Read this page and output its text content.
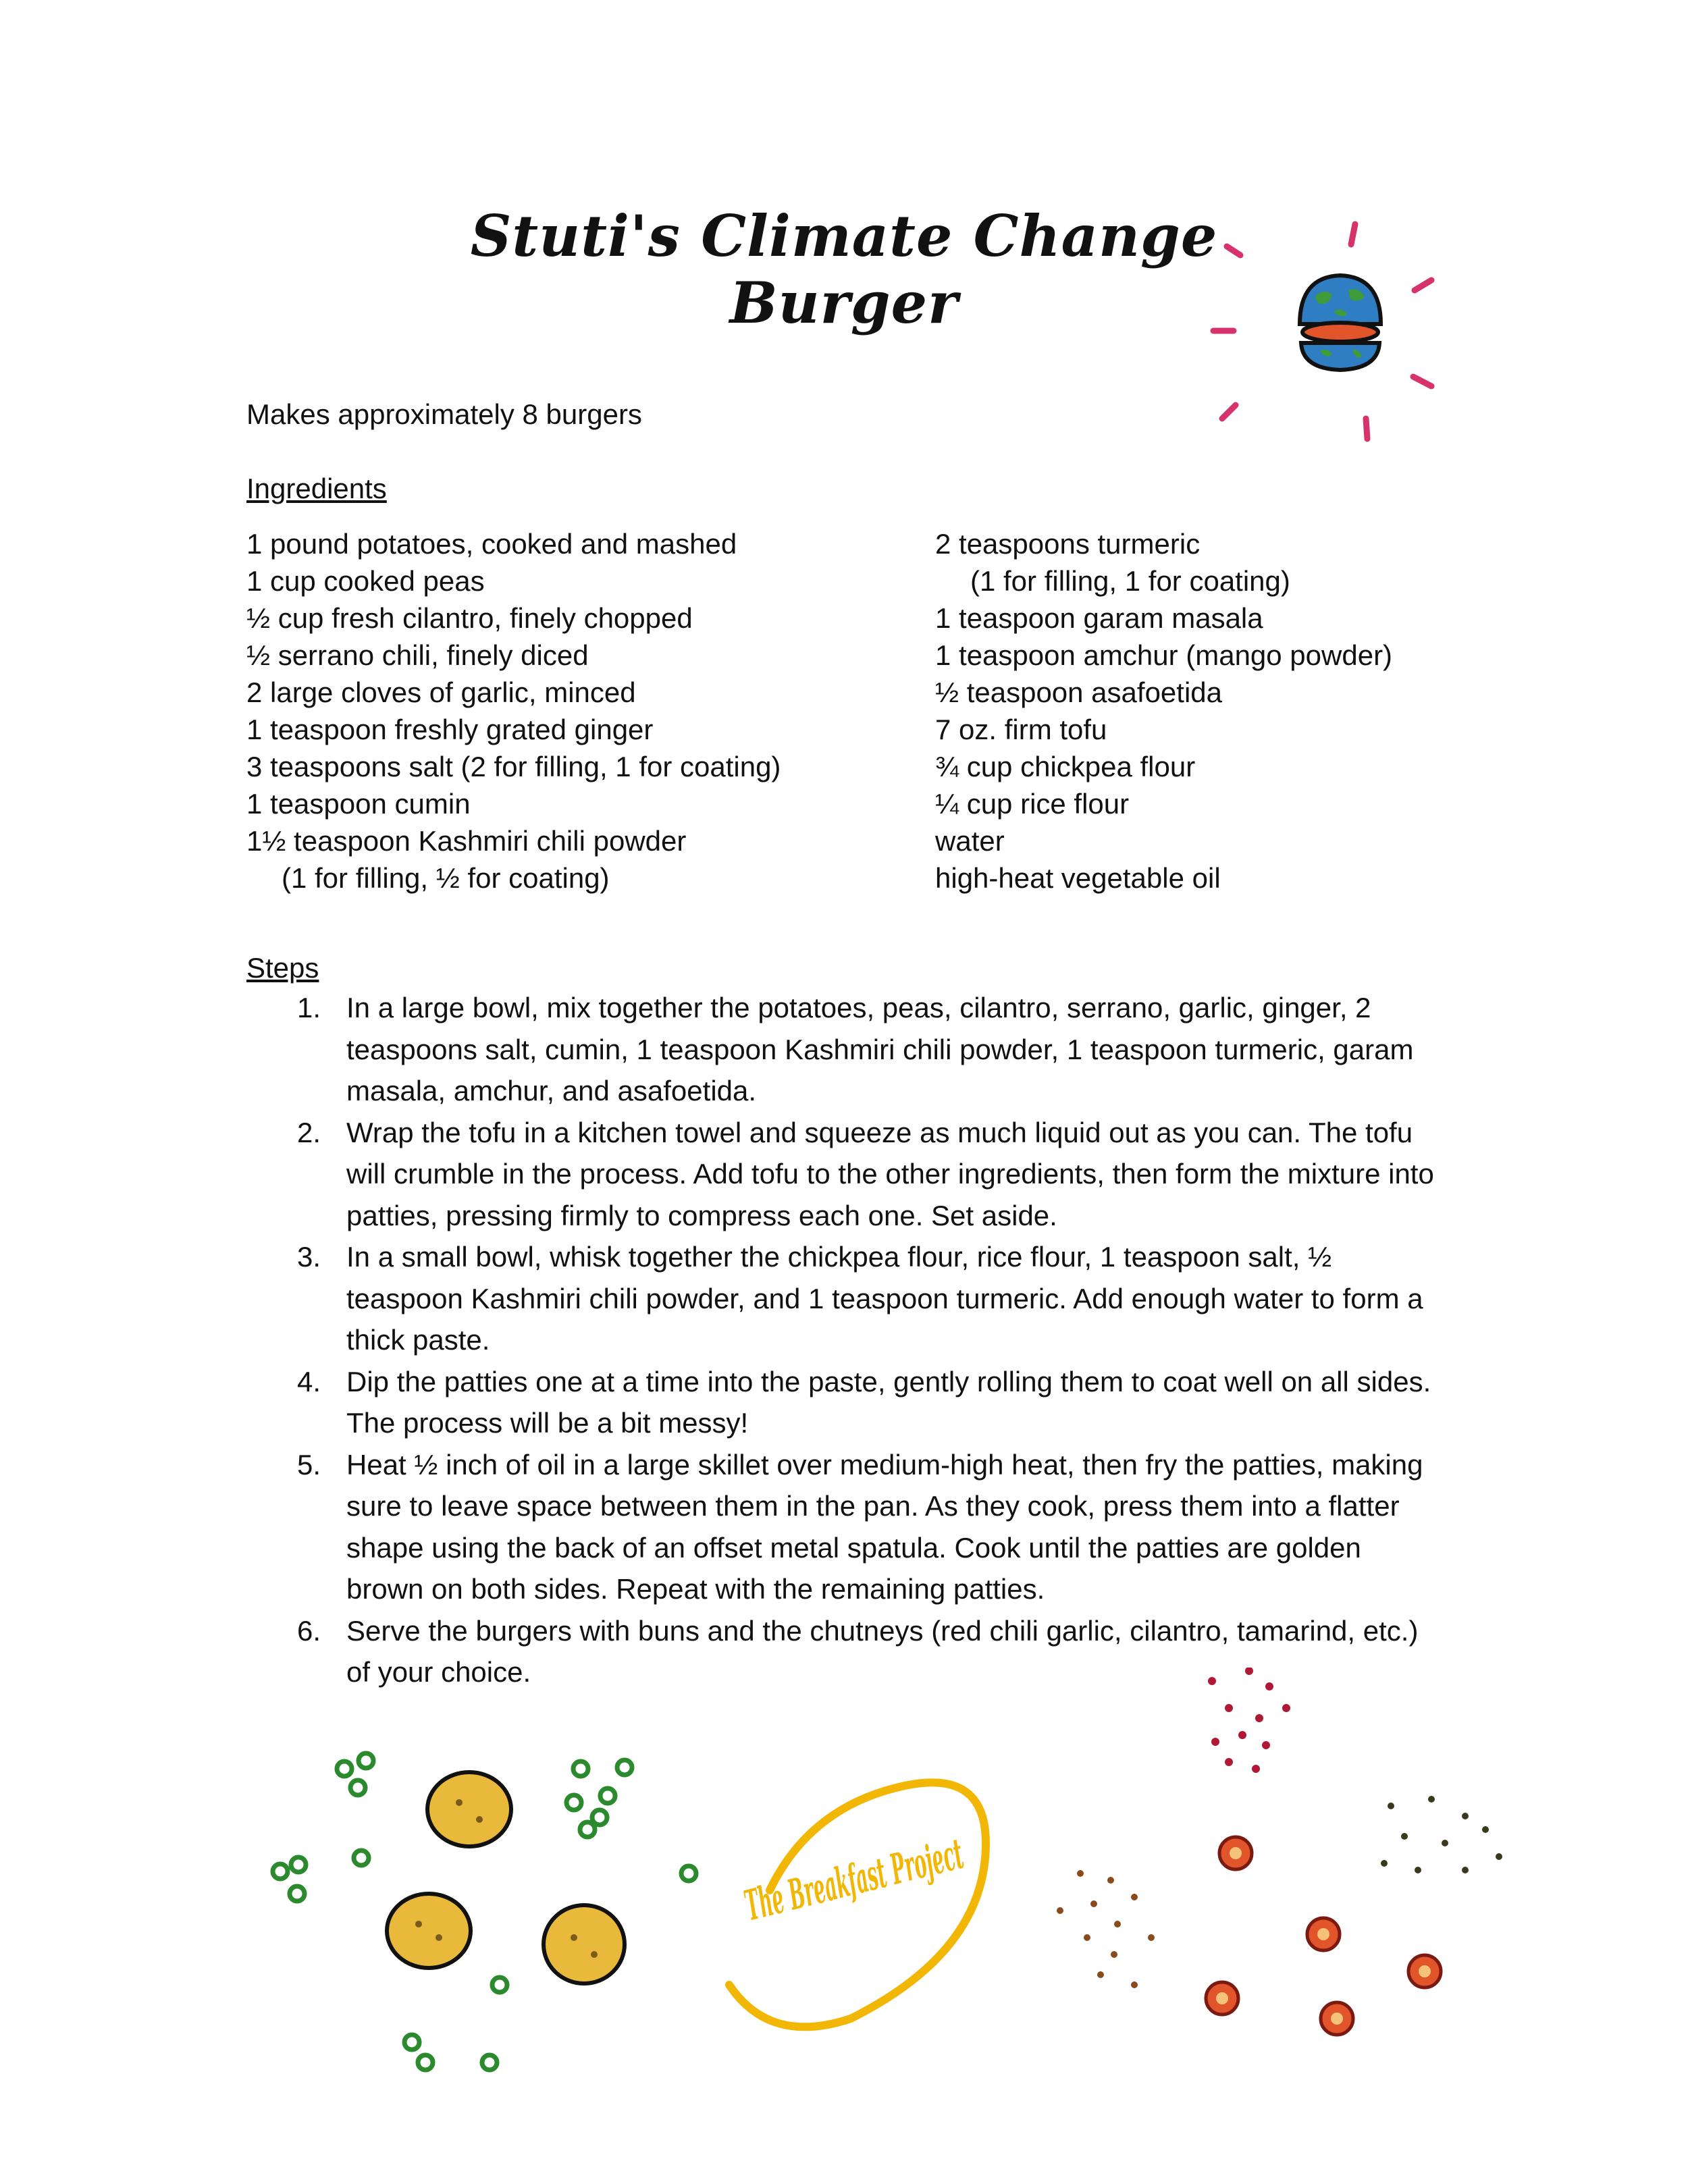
Stuti's Climate Change Burger
Makes approximately 8 burgers
Ingredients
1 pound potatoes, cooked and mashed
1 cup cooked peas
½ cup fresh cilantro, finely chopped
½ serrano chili, finely diced
2 large cloves of garlic, minced
1 teaspoon freshly grated ginger
3 teaspoons salt (2 for filling, 1 for coating)
1 teaspoon cumin
1½ teaspoon Kashmiri chili powder
(1 for filling, ½ for coating)
2 teaspoons turmeric
(1 for filling, 1 for coating)
1 teaspoon garam masala
1 teaspoon amchur (mango powder)
½ teaspoon asafoetida
7 oz. firm tofu
¾ cup chickpea flour
¼ cup rice flour
water
high-heat vegetable oil
Steps
1. In a large bowl, mix together the potatoes, peas, cilantro, serrano, garlic, ginger, 2 teaspoons salt, cumin, 1 teaspoon Kashmiri chili powder, 1 teaspoon turmeric, garam masala, amchur, and asafoetida.
2. Wrap the tofu in a kitchen towel and squeeze as much liquid out as you can. The tofu will crumble in the process. Add tofu to the other ingredients, then form the mixture into patties, pressing firmly to compress each one. Set aside.
3. In a small bowl, whisk together the chickpea flour, rice flour, 1 teaspoon salt, ½ teaspoon Kashmiri chili powder, and 1 teaspoon turmeric. Add enough water to form a thick paste.
4. Dip the patties one at a time into the paste, gently rolling them to coat well on all sides. The process will be a bit messy!
5. Heat ½ inch of oil in a large skillet over medium-high heat, then fry the patties, making sure to leave space between them in the pan. As they cook, press them into a flatter shape using the back of an offset metal spatula. Cook until the patties are golden brown on both sides. Repeat with the remaining patties.
6. Serve the burgers with buns and the chutneys (red chili garlic, cilantro, tamarind, etc.) of your choice.
The Breakfast Project
